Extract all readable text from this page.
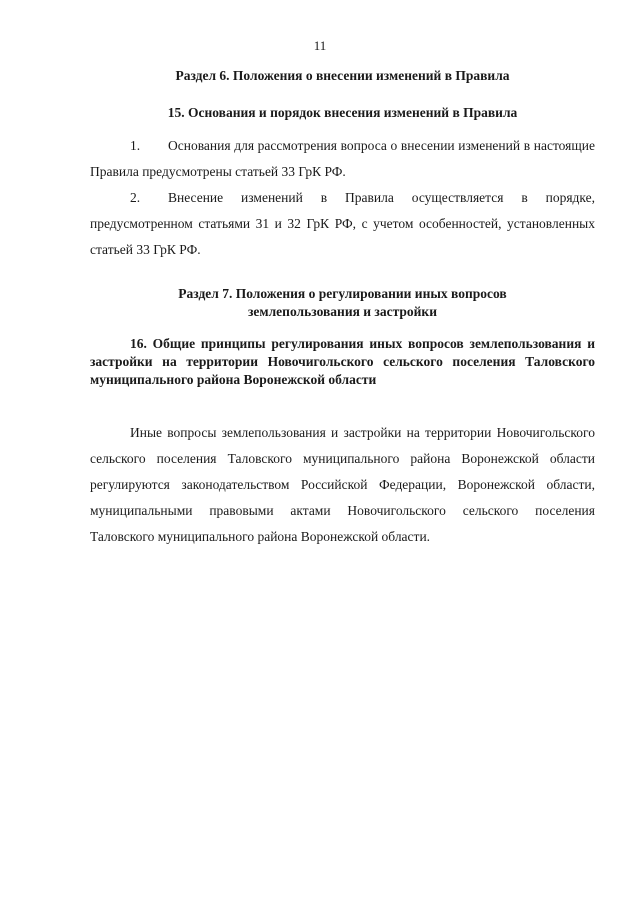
11
Раздел 6. Положения о внесении изменений в Правила
15. Основания и порядок внесения изменений в Правила
1. Основания для рассмотрения вопроса о внесении изменений в настоящие Правила предусмотрены статьей 33 ГрК РФ.
2. Внесение изменений в Правила осуществляется в порядке, предусмотренном статьями 31 и 32 ГрК РФ, с учетом особенностей, установленных статьей 33 ГрК РФ.
Раздел 7. Положения о регулировании иных вопросов
землепользования и застройки
16. Общие принципы регулирования иных вопросов землепользования и застройки на территории Новочигольского сельского поселения Таловского муниципального района Воронежской области
Иные вопросы землепользования и застройки на территории Новочигольского сельского поселения Таловского муниципального района Воронежской области регулируются законодательством Российской Федерации, Воронежской области, муниципальными правовыми актами Новочигольского сельского поселения Таловского муниципального района Воронежской области.
